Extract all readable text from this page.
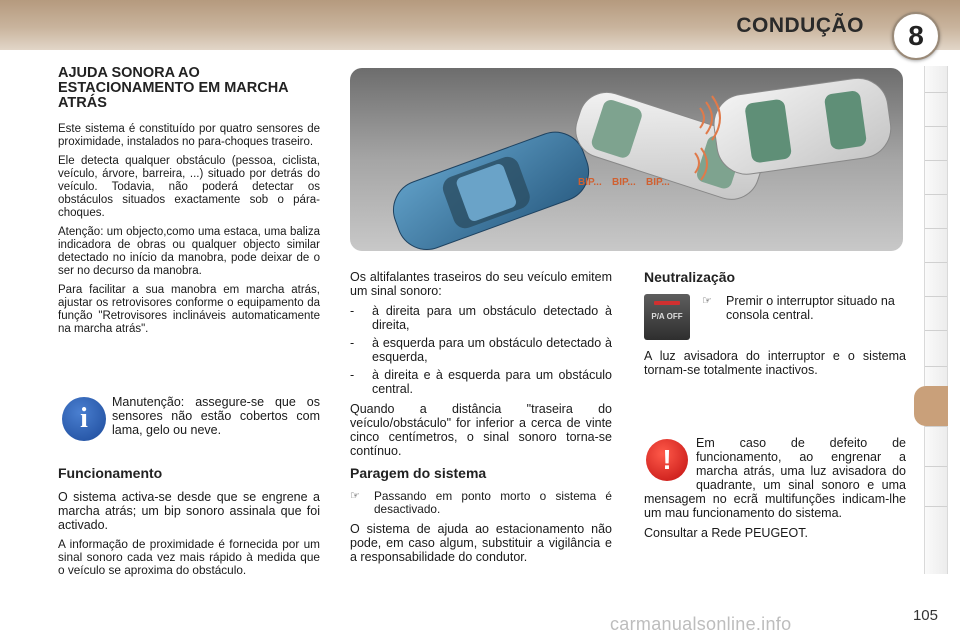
CONDUÇÃO	8
AJUDA SONORA AO ESTACIONAMENTO EM MARCHA ATRÁS

Este sistema é constituído por quatro sensores de proximidade, instalados no para-choques traseiro.

Ele detecta qualquer obstáculo (pessoa, ciclista, veículo, árvore, barreira, ...) situado por detrás do veículo. Todavia, não poderá detectar os obstáculos situados exactamente sob o pára-choques.

Atenção: um objecto,como uma estaca, uma baliza indicadora de obras ou qualquer objecto similar detectado no início da manobra, pode deixar de o ser no decurso da manobra.

Para facilitar a sua manobra em marcha atrás, ajustar os retrovisores conforme o equipamento da função "Retrovisores inclináveis automaticamente na marcha atrás".

i

Manutenção: assegure-se que os sensores não estão cobertos com lama, gelo ou neve.

Funcionamento

O sistema activa-se desde que se engrene a marcha atrás; um bip sonoro assinala que foi activado.

A informação de proximidade é fornecida por um sinal sonoro cada vez mais rápido à medida que o veículo se aproxima do obstáculo.

BIP... BIP... BIP...

Os altifalantes traseiros do seu veículo emitem um sinal sonoro:

-	à direita para um obstáculo detectado à direita,
-	à esquerda para um obstáculo detectado à esquerda,
-	à direita e à esquerda para um obstáculo central.

Quando a distância "traseira do veículo/obstáculo" for inferior a cerca de vinte cinco centímetros, o sinal sonoro torna-se contínuo.

Paragem do sistema
☞	Passando em ponto morto o sistema é desactivado.

O sistema de ajuda ao estacionamento não pode, em caso algum, substituir a vigilância e a responsabilidade do condutor.

Neutralização
P/A OFF
☞	Premir o interruptor situado na consola central.

A luz avisadora do interruptor e o sistema tornam-se totalmente inactivos.

!

Em caso de defeito de funcionamento, ao engrenar a marcha atrás, uma luz avisadora do quadrante, um sinal sonoro e uma mensagem no ecrã multifunções indicam-lhe um mau funcionamento do sistema.

Consultar a Rede PEUGEOT.

105
carmanualsonline.info
